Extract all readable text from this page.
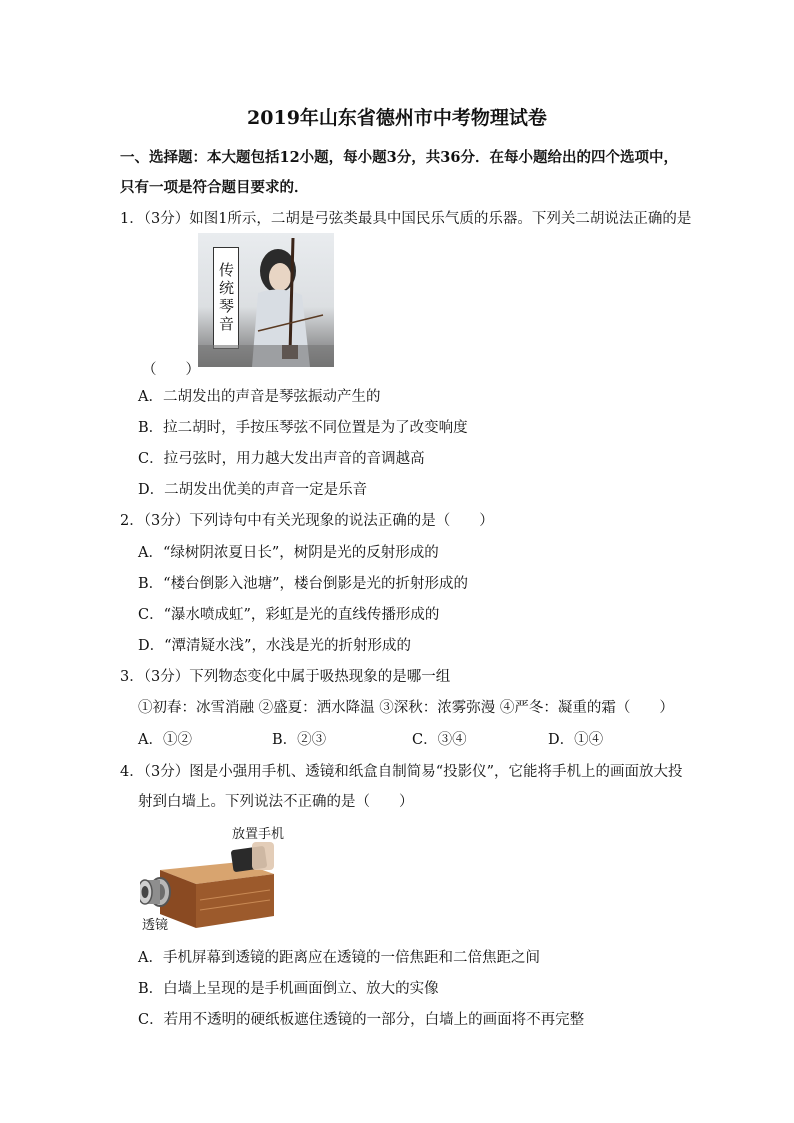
2019年山东省德州市中考物理试卷
一、选择题：本大题包括12小题，每小题3分，共36分．在每小题给出的四个选项中，
只有一项是符合题目要求的．
1．（3分）如图1所示，二胡是弓弦类最具中国民乐气质的乐器。下列关二胡说法正确的是
传统琴音
（　　）
A．二胡发出的声音是琴弦振动产生的
B．拉二胡时，手按压琴弦不同位置是为了改变响度
C．拉弓弦时，用力越大发出声音的音调越高
D．二胡发出优美的声音一定是乐音
2．（3分）下列诗句中有关光现象的说法正确的是（　　）
A．“绿树阴浓夏日长”，树阴是光的反射形成的
B．“楼台倒影入池塘”，楼台倒影是光的折射形成的
C．“瀑水喷成虹”，彩虹是光的直线传播形成的
D．“潭清疑水浅”，水浅是光的折射形成的
3．（3分）下列物态变化中属于吸热现象的是哪一组
①初春：冰雪消融 ②盛夏：洒水降温 ③深秋：浓雾弥漫 ④严冬：凝重的霜（　　）
A．①②	B．②③	C．③④	D．①④
4．（3分）图是小强用手机、透镜和纸盒自制简易“投影仪”，它能将手机上的画面放大投
射到白墙上。下列说法不正确的是（　　）
放置手机
透镜
A．手机屏幕到透镜的距离应在透镜的一倍焦距和二倍焦距之间
B．白墙上呈现的是手机画面倒立、放大的实像
C．若用不透明的硬纸板遮住透镜的一部分，白墙上的画面将不再完整
